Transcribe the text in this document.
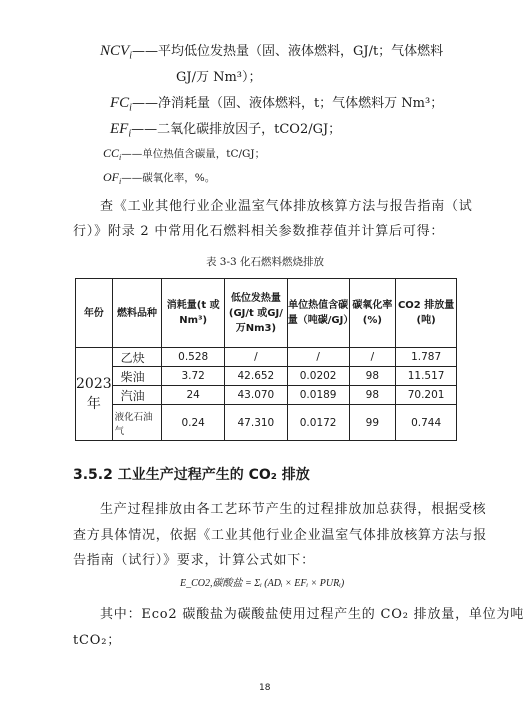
$NCV_i——$平均低位发热量（固、液体燃料，GJ/t；气体燃料
GJ/万 Nm³）；
$FC_i——$净消耗量（固、液体燃料，t；气体燃料万 Nm³；
$EF_i——$二氧化碳排放因子，tCO2/GJ；
$CC_i——$单位热值含碳量，tC/GJ；
$OF_i——$碳氧化率，%。
查《工业其他行业企业温室气体排放核算方法与报告指南（试
行）》附录 2 中常用化石燃料相关参数推荐值并计算后可得：
表 3-3 化石燃料燃烧排放
年份	燃料品种	消耗量(t 或Nm³)	低位发热量(GJ/t 或GJ/万Nm3)	单位热值含碳量（吨碳/GJ）	碳氧化率(%)	CO2 排放量(吨)
2023年	乙炔	0.528	/	/	/	1.787
	柴油	3.72	42.652	0.0202	98	11.517
	汽油	24	43.070	0.0189	98	70.201
	液化石油气	0.24	47.310	0.0172	99	0.744
3.5.2 工业生产过程产生的 CO₂ 排放
生产过程排放由各工艺环节产生的过程排放加总获得，根据受核
查方具体情况，依据《工业其他行业企业温室气体排放核算方法与报
告指南（试行）》要求，计算公式如下：
E_CO2,碳酸盐 = Σᵢ (ADᵢ × EFᵢ × PURᵢ)
其中：Eco2 碳酸盐为碳酸盐使用过程产生的 CO₂ 排放量，单位为吨
tCO₂；
18
